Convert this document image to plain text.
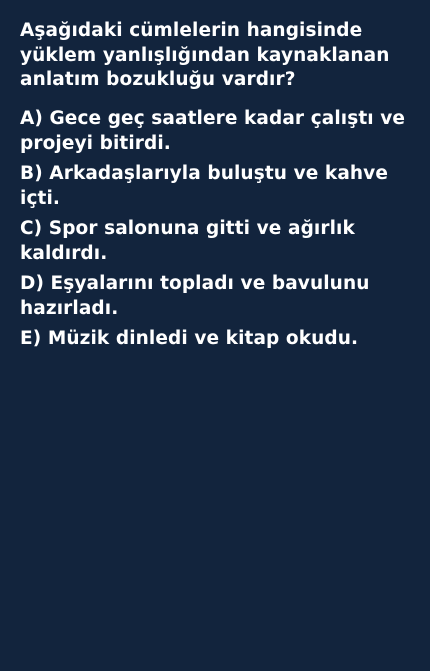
Aşağıdaki cümlelerin hangisinde yüklem yanlışlığından kaynaklanan anlatım bozukluğu vardır?
A) Gece geç saatlere kadar çalıştı ve projeyi bitirdi.
B) Arkadaşlarıyla buluştu ve kahve içti.
C) Spor salonuna gitti ve ağırlık kaldırdı.
D) Eşyalarını topladı ve bavulunu hazırladı.
E) Müzik dinledi ve kitap okudu.
